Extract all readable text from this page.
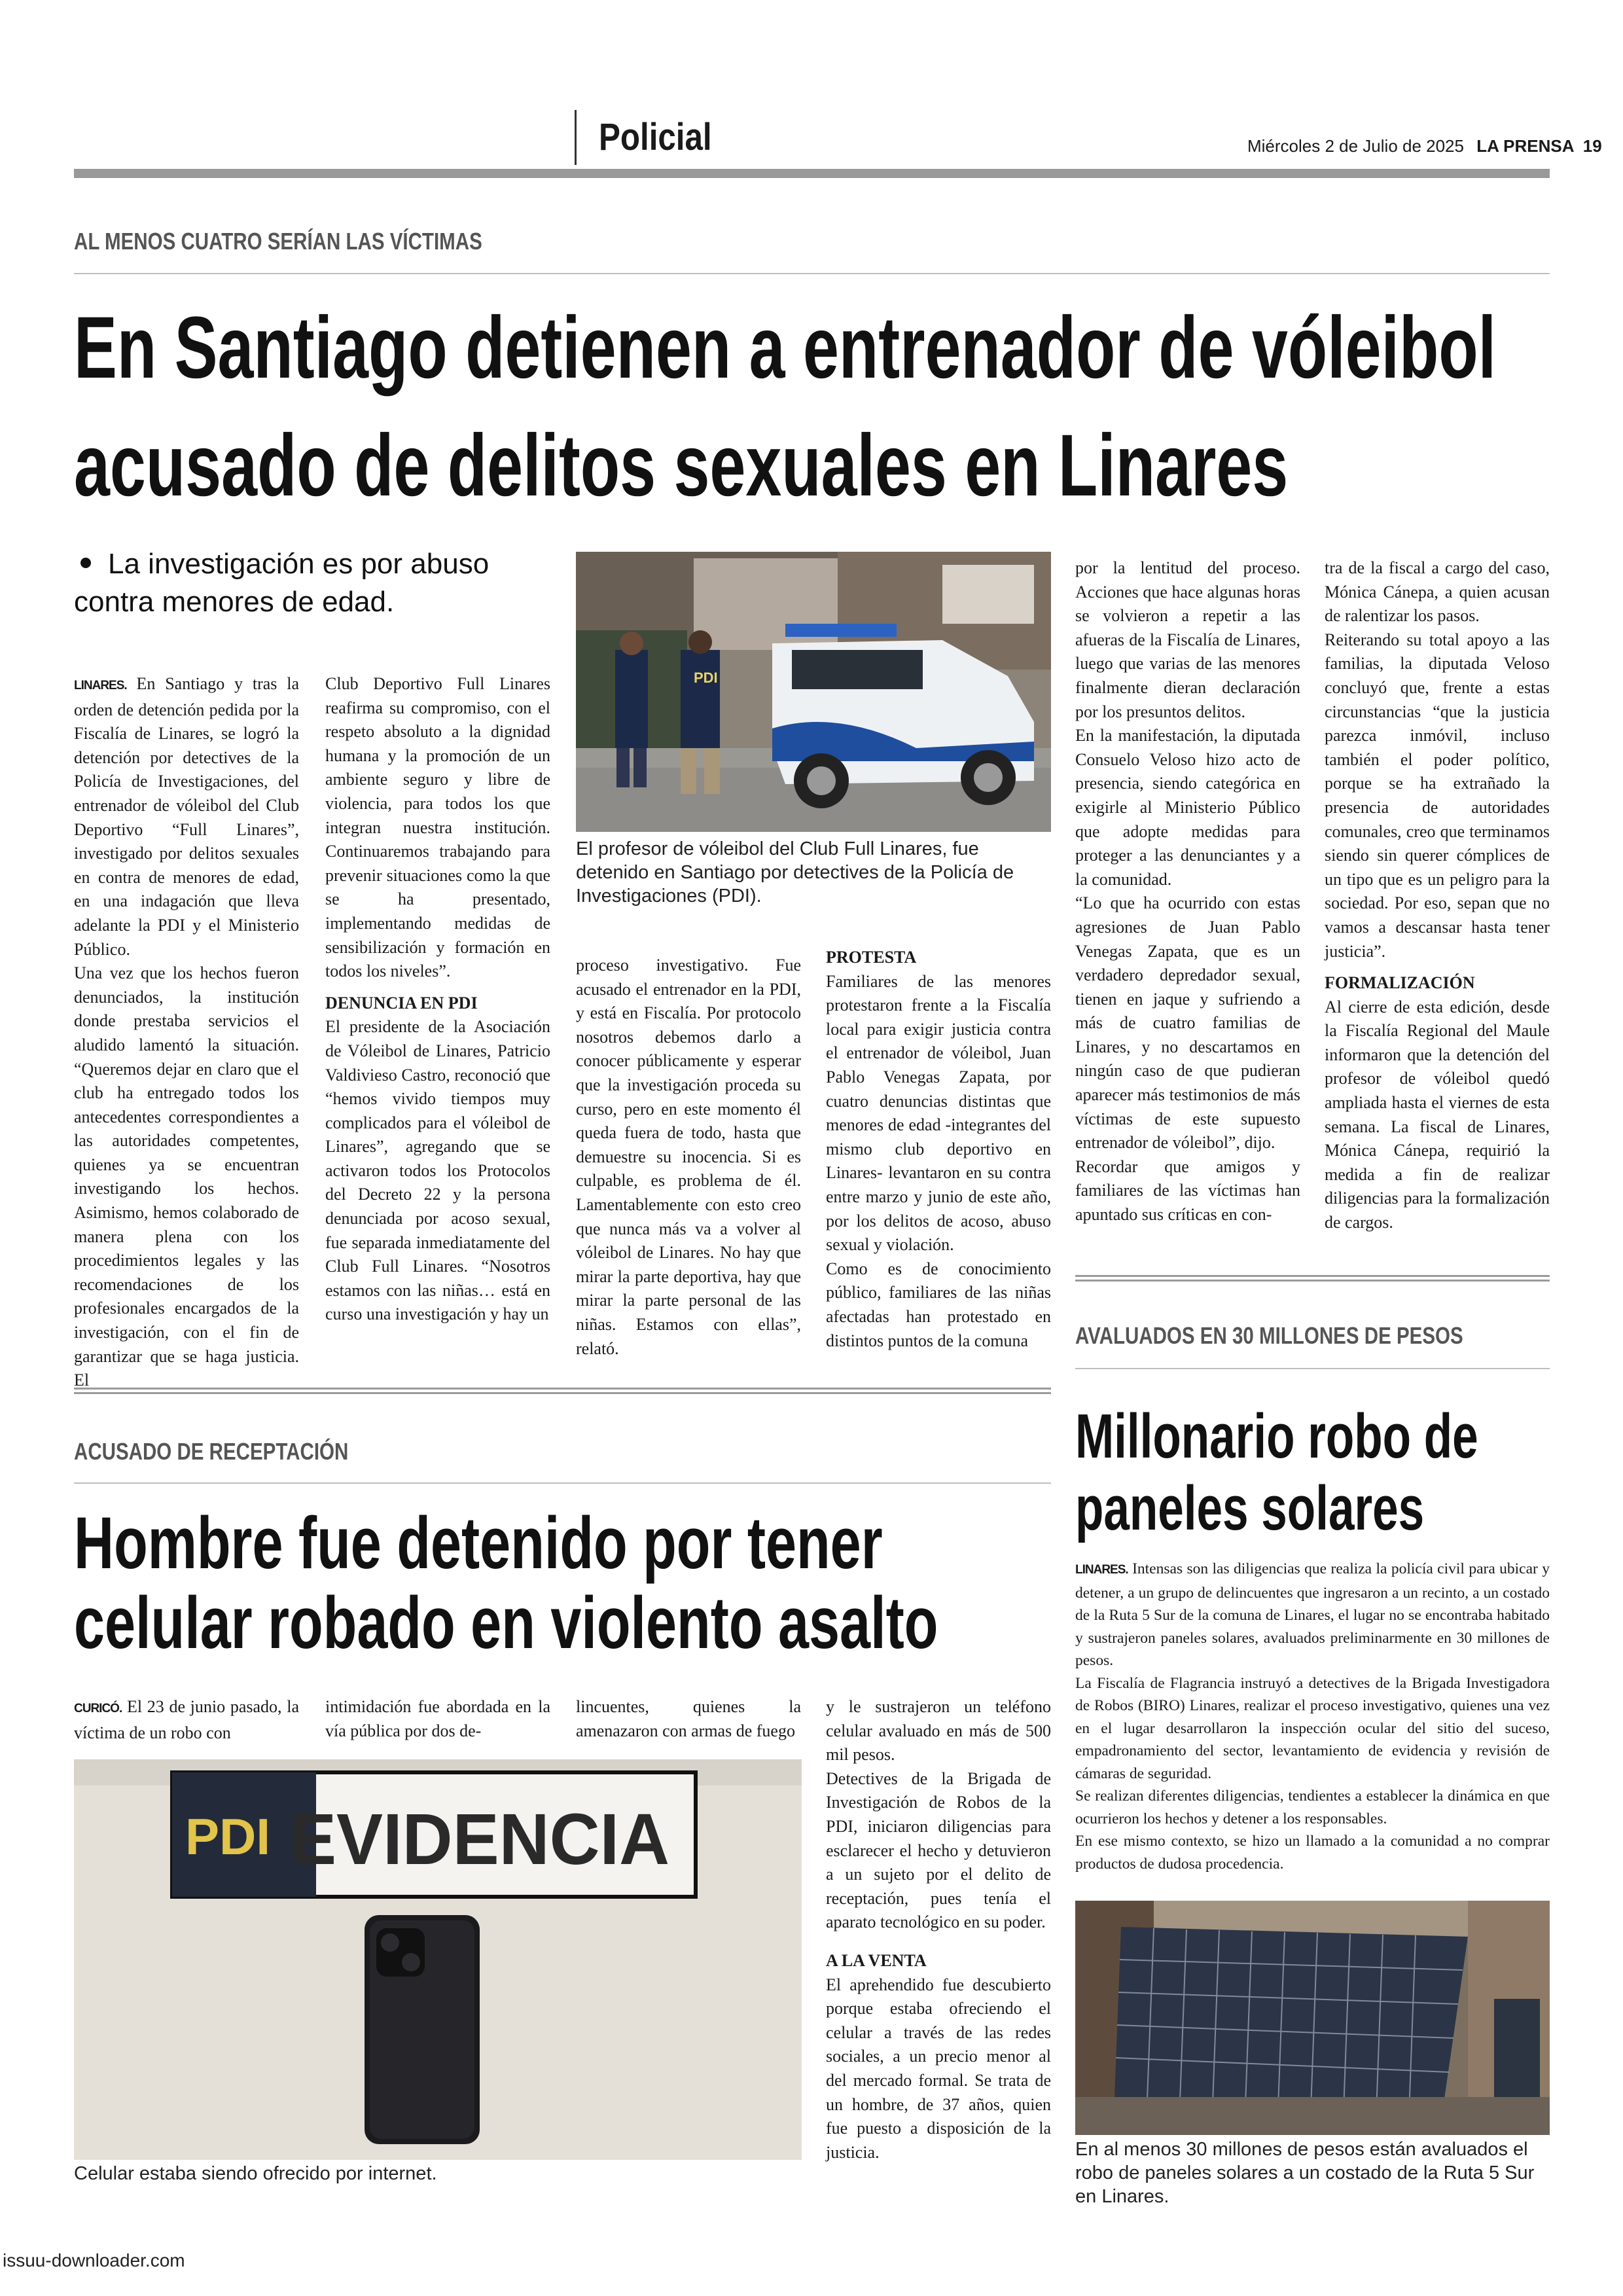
Policial	Miércoles 2 de Julio de 2025 LA PRENSA 19
AL MENOS CUATRO SERÍAN LAS VÍCTIMAS
En Santiago detienen a entrenador de vóleibol
acusado de delitos sexuales en Linares
La investigación es por abuso
contra menores de edad.

LINARES. En Santiago y tras la orden de detención pedida por la Fiscalía de Linares, se logró la detención por detectives de la Policía de Investigaciones, del entrenador de vóleibol del Club Deportivo “Full Linares”, investigado por delitos sexuales en contra de menores de edad, en una indagación que lleva adelante la PDI y el Ministerio Público.

Una vez que los hechos fueron denunciados, la institución donde prestaba servicios el aludido lamentó la situación. “Queremos dejar en claro que el club ha entregado todos los antecedentes correspondientes a las autoridades competentes, quienes ya se encuentran investigando los hechos. Asimismo, hemos colaborado de manera plena con los procedimientos legales y las recomendaciones de los profesionales encargados de la investigación, con el fin de garantizar que se haga justicia. El

Club Deportivo Full Linares reafirma su compromiso, con el respeto absoluto a la dignidad humana y la promoción de un ambiente seguro y libre de violencia, para todos los que integran nuestra institución. Continuaremos trabajando para prevenir situaciones como la que se ha presentado, implementando medidas de sensibilización y formación en todos los niveles”.

DENUNCIA EN PDI

El presidente de la Asociación de Vóleibol de Linares, Patricio Valdivieso Castro, reconoció que “hemos vivido tiempos muy complicados para el vóleibol de Linares”, agregando que se activaron todos los Protocolos del Decreto 22 y la persona denunciada por acoso sexual, fue separada inmediatamente del Club Full Linares. “Nosotros estamos con las niñas… está en curso una investigación y hay un

PDI
El profesor de vóleibol del Club Full Linares, fue detenido en Santiago por detectives de la Policía de Investigaciones (PDI).

proceso investigativo. Fue acusado el entrenador en la PDI, y está en Fiscalía. Por protocolo nosotros debemos darlo a conocer públicamente y esperar que la investigación proceda su curso, pero en este momento él queda fuera de todo, hasta que demuestre su inocencia. Si es culpable, es problema de él. Lamentablemente con esto creo que nunca más va a volver al vóleibol de Linares. No hay que mirar la parte deportiva, hay que mirar la parte personal de las niñas. Estamos con ellas”, relató.

PROTESTA

Familiares de las menores protestaron frente a la Fiscalía local para exigir justicia contra el entrenador de vóleibol, Juan Pablo Venegas Zapata, por cuatro denuncias distintas que menores de edad -integrantes del mismo club deportivo en Linares- levantaron en su contra entre marzo y junio de este año, por los delitos de acoso, abuso sexual y violación.

Como es de conocimiento público, familiares de las niñas afectadas han protestado en distintos puntos de la comuna

por la lentitud del proceso. Acciones que hace algunas horas se volvieron a repetir a las afueras de la Fiscalía de Linares, luego que varias de las menores finalmente dieran declaración por los presuntos delitos.

En la manifestación, la diputada Consuelo Veloso hizo acto de presencia, siendo categórica en exigirle al Ministerio Público que adopte medidas para proteger a las denunciantes y a la comunidad.

“Lo que ha ocurrido con estas agresiones de Juan Pablo Venegas Zapata, que es un verdadero depredador sexual, tienen en jaque y sufriendo a más de cuatro familias de Linares, y no descartamos en ningún caso de que pudieran aparecer más testimonios de más víctimas de este supuesto entrenador de vóleibol”, dijo.

Recordar que amigos y familiares de las víctimas han apuntado sus críticas en con-

tra de la fiscal a cargo del caso, Mónica Cánepa, a quien acusan de ralentizar los pasos.

Reiterando su total apoyo a las familias, la diputada Veloso concluyó que, frente a estas circunstancias “que la justicia parezca inmóvil, incluso también el poder político, porque se ha extrañado la presencia de autoridades comunales, creo que terminamos siendo sin querer cómplices de un tipo que es un peligro para la sociedad. Por eso, sepan que no vamos a descansar hasta tener justicia”.

FORMALIZACIÓN

Al cierre de esta edición, desde la Fiscalía Regional del Maule informaron que la detención del profesor de vóleibol quedó ampliada hasta el viernes de esta semana. La fiscal de Linares, Mónica Cánepa, requirió la medida a fin de realizar diligencias para la formalización de cargos.

ACUSADO DE RECEPTACIÓN
Hombre fue detenido por tener
celular robado en violento asalto

CURICÓ. El 23 de junio pasado, la víctima de un robo con

intimidación fue abordada en la vía pública por dos de-

lincuentes, quienes la amenazaron con armas de fuego

PDI EVIDENCIA
Celular estaba siendo ofrecido por internet.

y le sustrajeron un teléfono celular avaluado en más de 500 mil pesos.

Detectives de la Brigada de Investigación de Robos de la PDI, iniciaron diligencias para esclarecer el hecho y detuvieron a un sujeto por el delito de receptación, pues tenía el aparato tecnológico en su poder.

A LA VENTA

El aprehendido fue descubierto porque estaba ofreciendo el celular a través de las redes sociales, a un precio menor al del mercado formal. Se trata de un hombre, de 37 años, quien fue puesto a disposición de la justicia.

AVALUADOS EN 30 MILLONES DE PESOS
Millonario robo de
paneles solares

LINARES. Intensas son las diligencias que realiza la policía civil para ubicar y detener, a un grupo de delincuentes que ingresaron a un recinto, a un costado de la Ruta 5 Sur de la comuna de Linares, el lugar no se encontraba habitado y sustrajeron paneles solares, avaluados preliminarmente en 30 millones de pesos.

La Fiscalía de Flagrancia instruyó a detectives de la Brigada Investigadora de Robos (BIRO) Linares, realizar el proceso investigativo, quienes una vez en el lugar desarrollaron la inspección ocular del sitio del suceso, empadronamiento del sector, levantamiento de evidencia y revisión de cámaras de seguridad.

Se realizan diferentes diligencias, tendientes a establecer la dinámica en que ocurrieron los hechos y detener a los responsables.

En ese mismo contexto, se hizo un llamado a la comunidad a no comprar productos de dudosa procedencia.

En al menos 30 millones de pesos están avaluados el robo de paneles solares a un costado de la Ruta 5 Sur en Linares.
issuu-downloader.com
